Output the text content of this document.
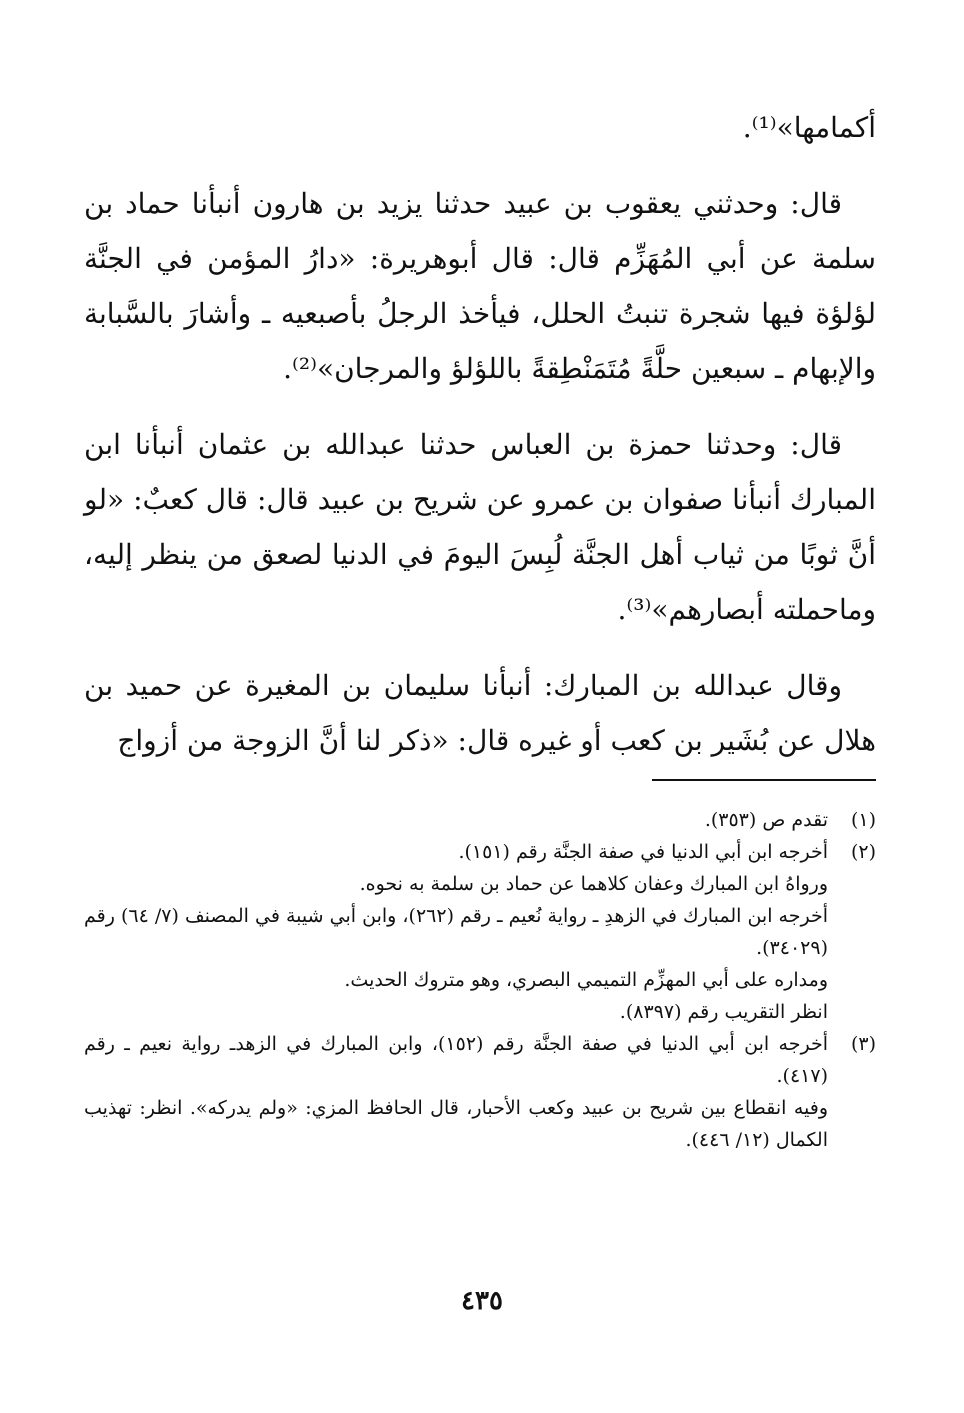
أكمامها»⁽¹⁾.

قال: وحدثني يعقوب بن عبيد حدثنا يزيد بن هارون أنبأنا حماد بن سلمة عن أبي المُهَزِّم قال: قال أبوهريرة: «دارُ المؤمن في الجنَّة لؤلؤة فيها شجرة تنبتُ الحلل، فيأخذ الرجلُ بأصبعيه ـ وأشارَ بالسَّبابة والإبهام ـ سبعين حلَّةً مُتَمَنْطِقةً باللؤلؤ والمرجان»⁽²⁾.

قال: وحدثنا حمزة بن العباس حدثنا عبدالله بن عثمان أنبأنا ابن المبارك أنبأنا صفوان بن عمرو عن شريح بن عبيد قال: قال كعبٌ: «لو أنَّ ثوبًا من ثياب أهل الجنَّة لُبِسَ اليومَ في الدنيا لصعق من ينظر إليه، وماحملته أبصارهم»⁽³⁾.

وقال عبدالله بن المبارك: أنبأنا سليمان بن المغيرة عن حميد بن هلال عن بُشَير بن كعب أو غيره قال: «ذكر لنا أنَّ الزوجة من أزواج

(١)
تقدم ص (٣٥٣).
(٢)
أخرجه ابن أبي الدنيا في صفة الجنَّة رقم (١٥١).
ورواهُ ابن المبارك وعفان كلاهما عن حماد بن سلمة به نحوه.
أخرجه ابن المبارك في الزهدِ ـ رواية نُعيم ـ رقم (٢٦٢)، وابن أبي شيبة في المصنف (٧/ ٦٤) رقم (٣٤٠٢٩).
ومداره على أبي المهزِّم التميمي البصري، وهو متروك الحديث.
انظر التقريب رقم (٨٣٩٧).
(٣)
أخرجه ابن أبي الدنيا في صفة الجنَّة رقم (١٥٢)، وابن المبارك في الزهدـ رواية نعيم ـ رقم (٤١٧).
وفيه انقطاع بين شريح بن عبيد وكعب الأحبار، قال الحافظ المزي: «ولم يدركه». انظر: تهذيب الكمال (١٢/ ٤٤٦).
٤٣٥
